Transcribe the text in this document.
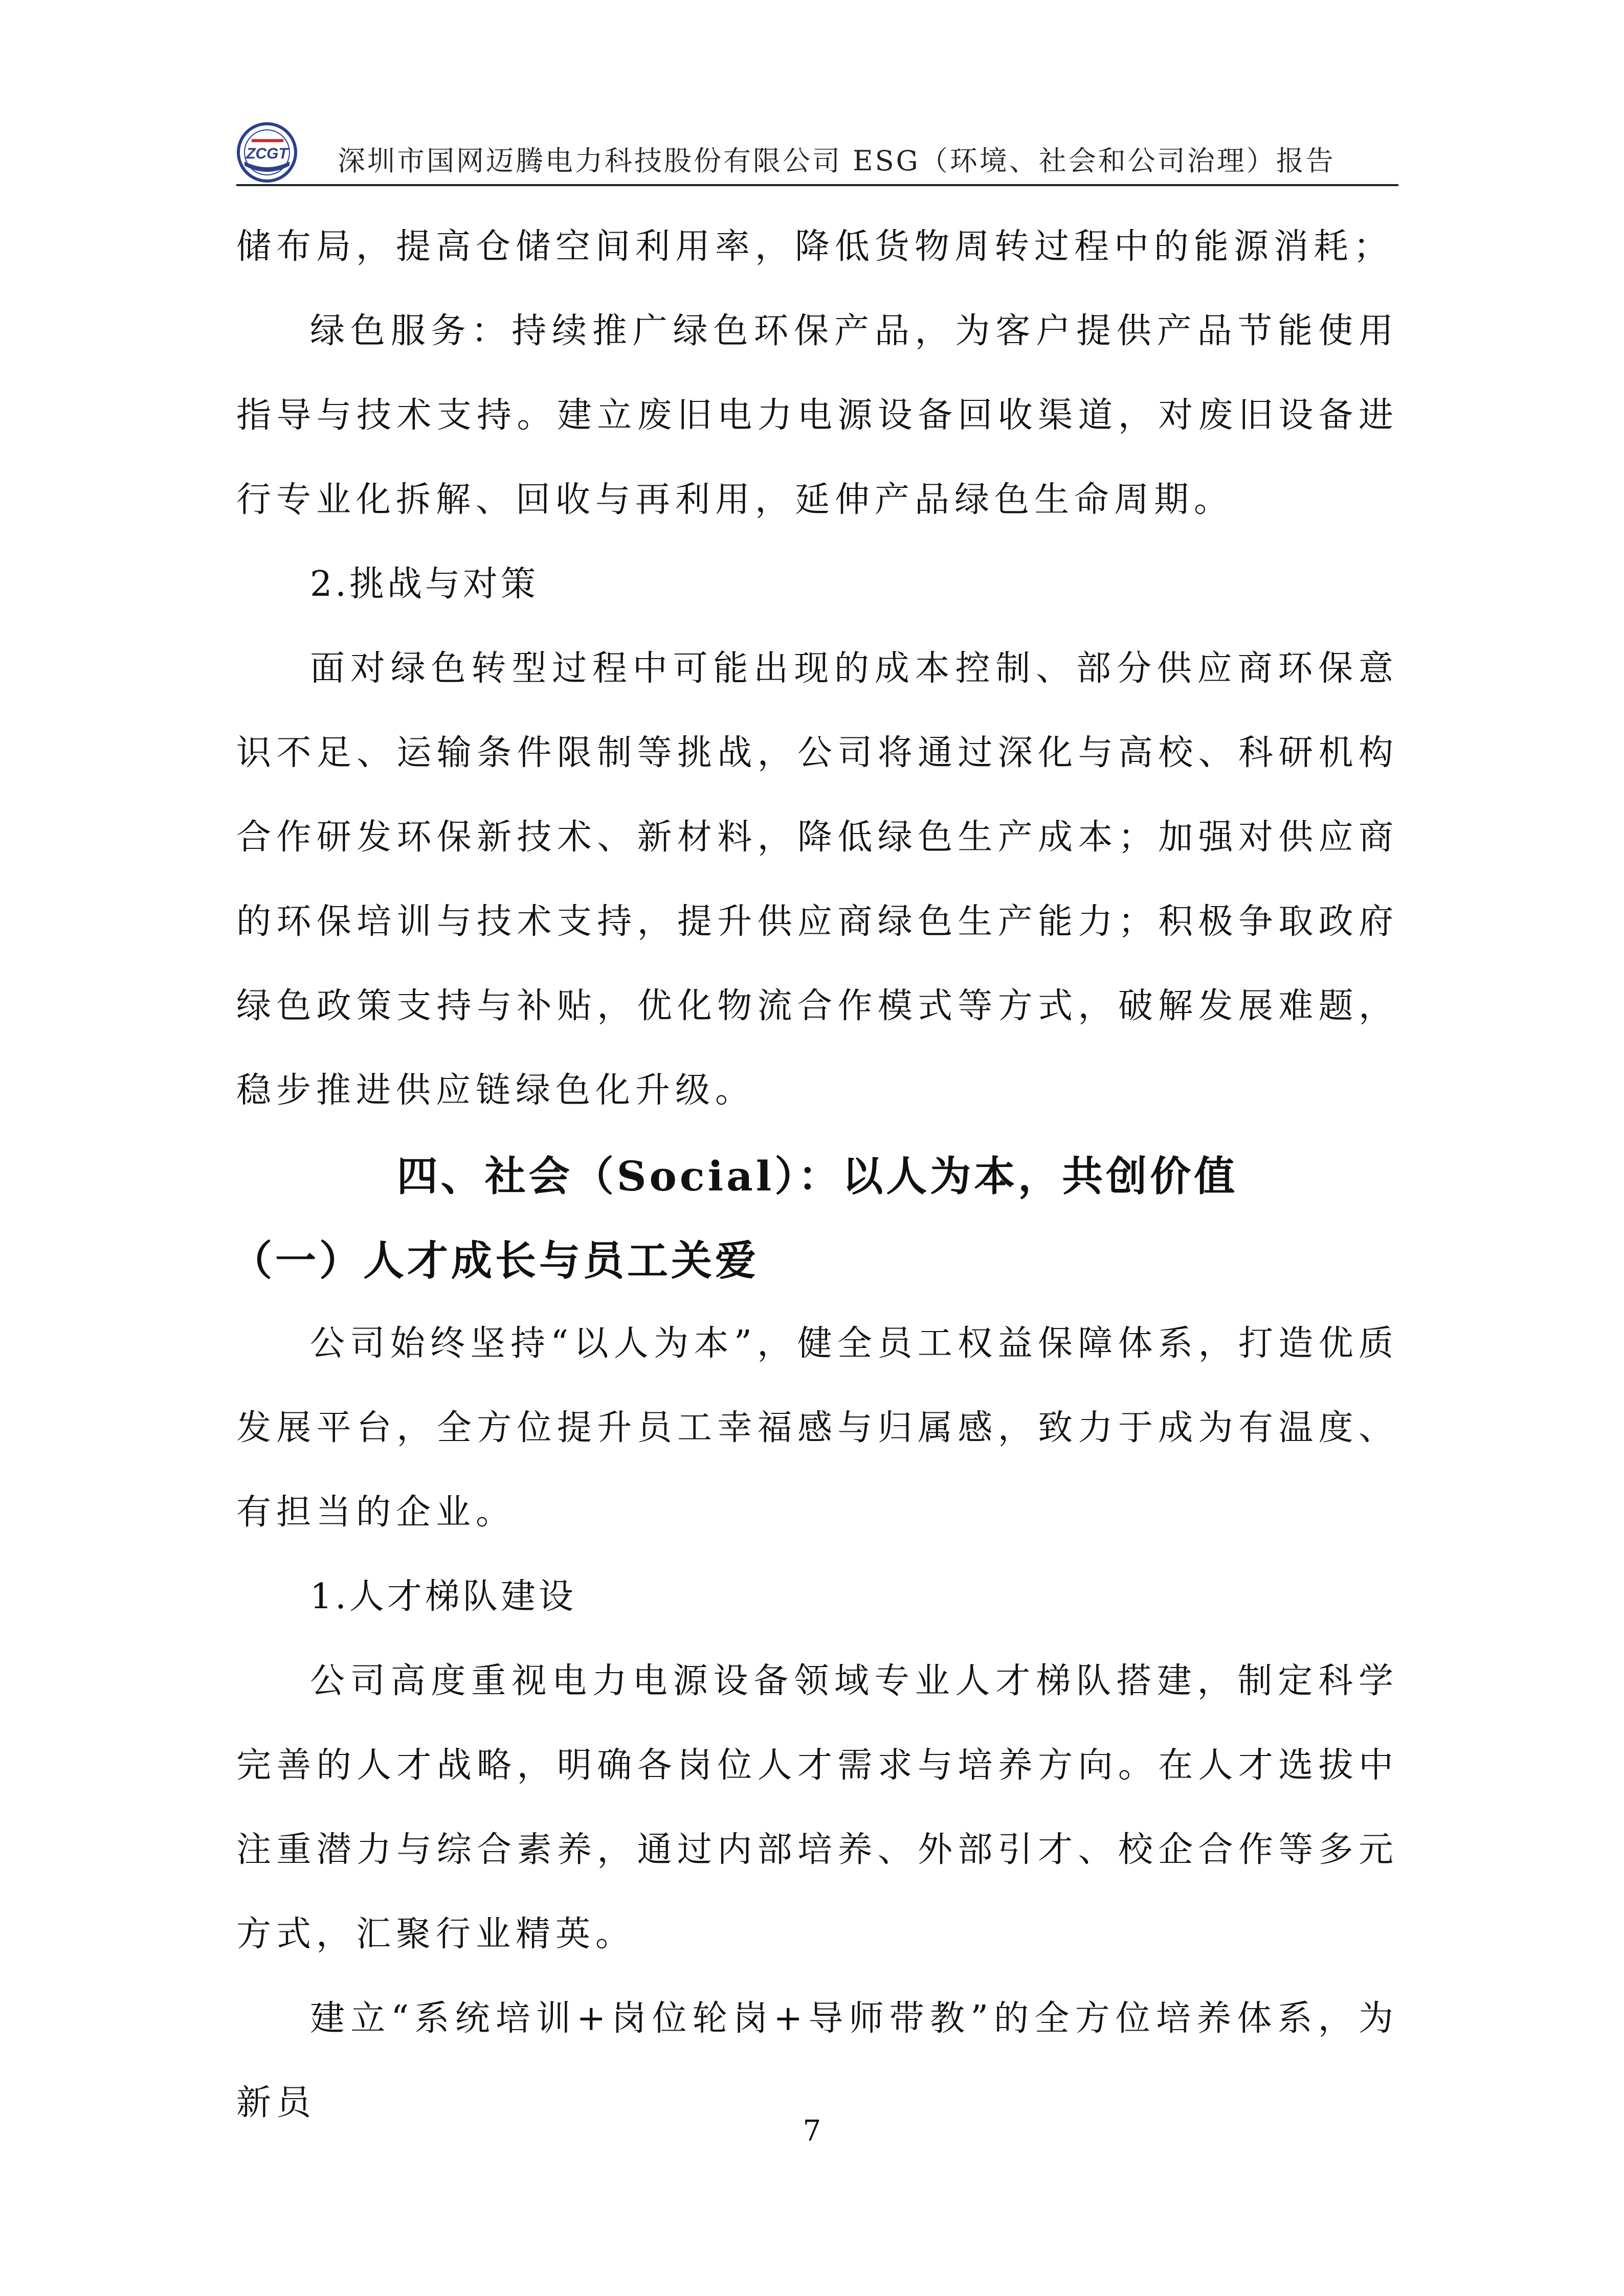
ZCGT 深圳市国网迈腾电力科技股份有限公司 ESG（环境、社会和公司治理）报告

储布局，提高仓储空间利用率，降低货物周转过程中的能源消耗；

绿色服务：持续推广绿色环保产品，为客户提供产品节能使用指导与技术支持。建立废旧电力电源设备回收渠道，对废旧设备进行专业化拆解、回收与再利用，延伸产品绿色生命周期。

2.挑战与对策

面对绿色转型过程中可能出现的成本控制、部分供应商环保意识不足、运输条件限制等挑战，公司将通过深化与高校、科研机构合作研发环保新技术、新材料，降低绿色生产成本；加强对供应商的环保培训与技术支持，提升供应商绿色生产能力；积极争取政府绿色政策支持与补贴，优化物流合作模式等方式，破解发展难题，稳步推进供应链绿色化升级。

四、社会（Social）：以人为本，共创价值
（一）人才成长与员工关爱

公司始终坚持“以人为本”，健全员工权益保障体系，打造优质发展平台，全方位提升员工幸福感与归属感，致力于成为有温度、有担当的企业。

1.人才梯队建设

公司高度重视电力电源设备领域专业人才梯队搭建，制定科学完善的人才战略，明确各岗位人才需求与培养方向。在人才选拔中注重潜力与综合素养，通过内部培养、外部引才、校企合作等多元方式，汇聚行业精英。

建立“系统培训+岗位轮岗+导师带教”的全方位培养体系，为新员

7
